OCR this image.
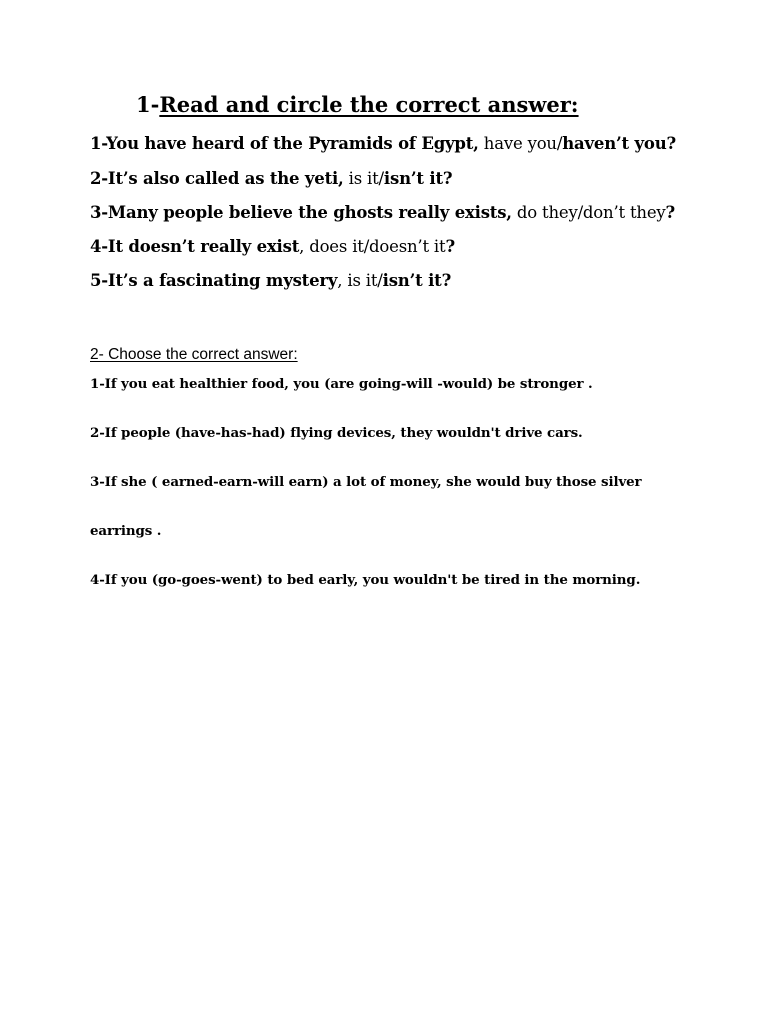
1-Read and circle the correct answer:
1-You have heard of the Pyramids of Egypt, have you/haven’t you?
2-It’s also called as the yeti, is it/isn’t it?
3-Many people believe the ghosts really exists, do they/don’t they?
4-It doesn’t really exist, does it/doesn’t it?
5-It’s a fascinating mystery, is it/isn’t it?
2- Choose the correct answer:
1-If you eat healthier food, you (are going-will -would) be stronger .
2-If people (have-has-had) flying devices, they wouldn't drive cars.
3-If she ( earned-earn-will earn) a lot of money, she would buy those silver
earrings .
4-If you (go-goes-went) to bed early, you wouldn't be tired in the morning.
